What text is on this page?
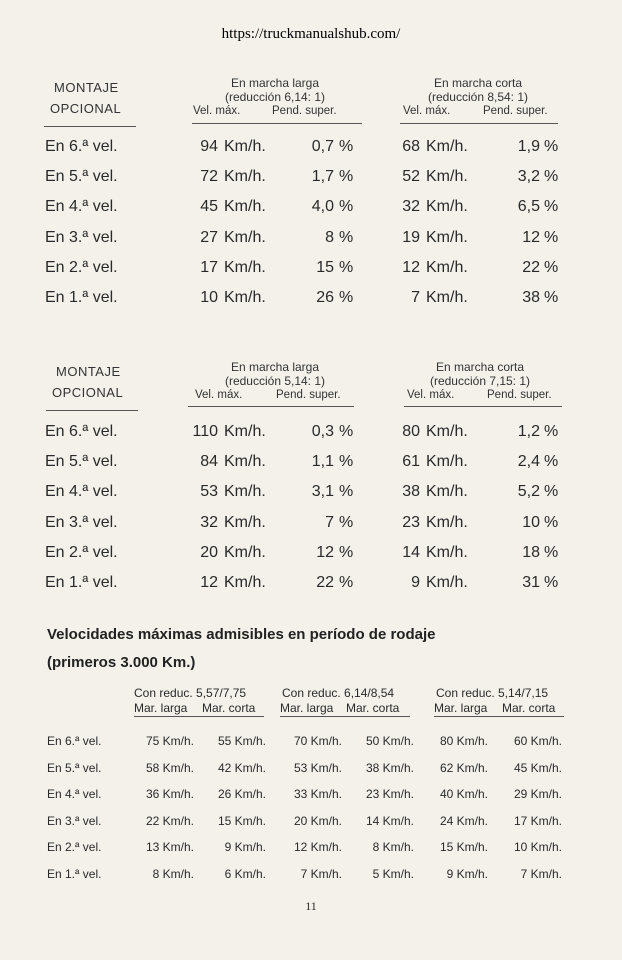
https://truckmanualshub.com/
MONTAJE
OPCIONAL
En marcha larga
(reducción 6,14: 1)
Vel. máx.	Pend. super.
En marcha corta
(reducción 8,54: 1)
Vel. máx.	Pend. super.
En 6.ª vel.	94 Km/h.	0,7 %	68 Km/h.	1,9 %
En 5.ª vel.	72 Km/h.	1,7 %	52 Km/h.	3,2 %
En 4.ª vel.	45 Km/h.	4,0 %	32 Km/h.	6,5 %
En 3.ª vel.	27 Km/h.	8 %	19 Km/h.	12 %
En 2.ª vel.	17 Km/h.	15 %	12 Km/h.	22 %
En 1.ª vel.	10 Km/h.	26 %	7 Km/h.	38 %
MONTAJE
OPCIONAL
En marcha larga
(reducción 5,14: 1)
Vel. máx.	Pend. super.
En marcha corta
(reducción 7,15: 1)
Vel. máx.	Pend. super.
En 6.ª vel.	110 Km/h.	0,3 %	80 Km/h.	1,2 %
En 5.ª vel.	84 Km/h.	1,1 %	61 Km/h.	2,4 %
En 4.ª vel.	53 Km/h.	3,1 %	38 Km/h.	5,2 %
En 3.ª vel.	32 Km/h.	7 %	23 Km/h.	10 %
En 2.ª vel.	20 Km/h.	12 %	14 Km/h.	18 %
En 1.ª vel.	12 Km/h.	22 %	9 Km/h.	31 %
Velocidades máximas admisibles en período de rodaje
(primeros 3.000 Km.)
Con reduc. 5,57/7,75
Mar. larga Mar. corta
Con reduc. 6,14/8,54
Mar. larga Mar. corta
Con reduc. 5,14/7,15
Mar. larga Mar. corta
En 6.ª vel.	75 Km/h.	55 Km/h.	70 Km/h.	50 Km/h.	80 Km/h.	60 Km/h.
En 5.ª vel.	58 Km/h.	42 Km/h.	53 Km/h.	38 Km/h.	62 Km/h.	45 Km/h.
En 4.ª vel.	36 Km/h.	26 Km/h.	33 Km/h.	23 Km/h.	40 Km/h.	29 Km/h.
En 3.ª vel.	22 Km/h.	15 Km/h.	20 Km/h.	14 Km/h.	24 Km/h.	17 Km/h.
En 2.ª vel.	13 Km/h.	9 Km/h.	12 Km/h.	8 Km/h.	15 Km/h.	10 Km/h.
En 1.ª vel.	8 Km/h.	6 Km/h.	7 Km/h.	5 Km/h.	9 Km/h.	7 Km/h.
11
